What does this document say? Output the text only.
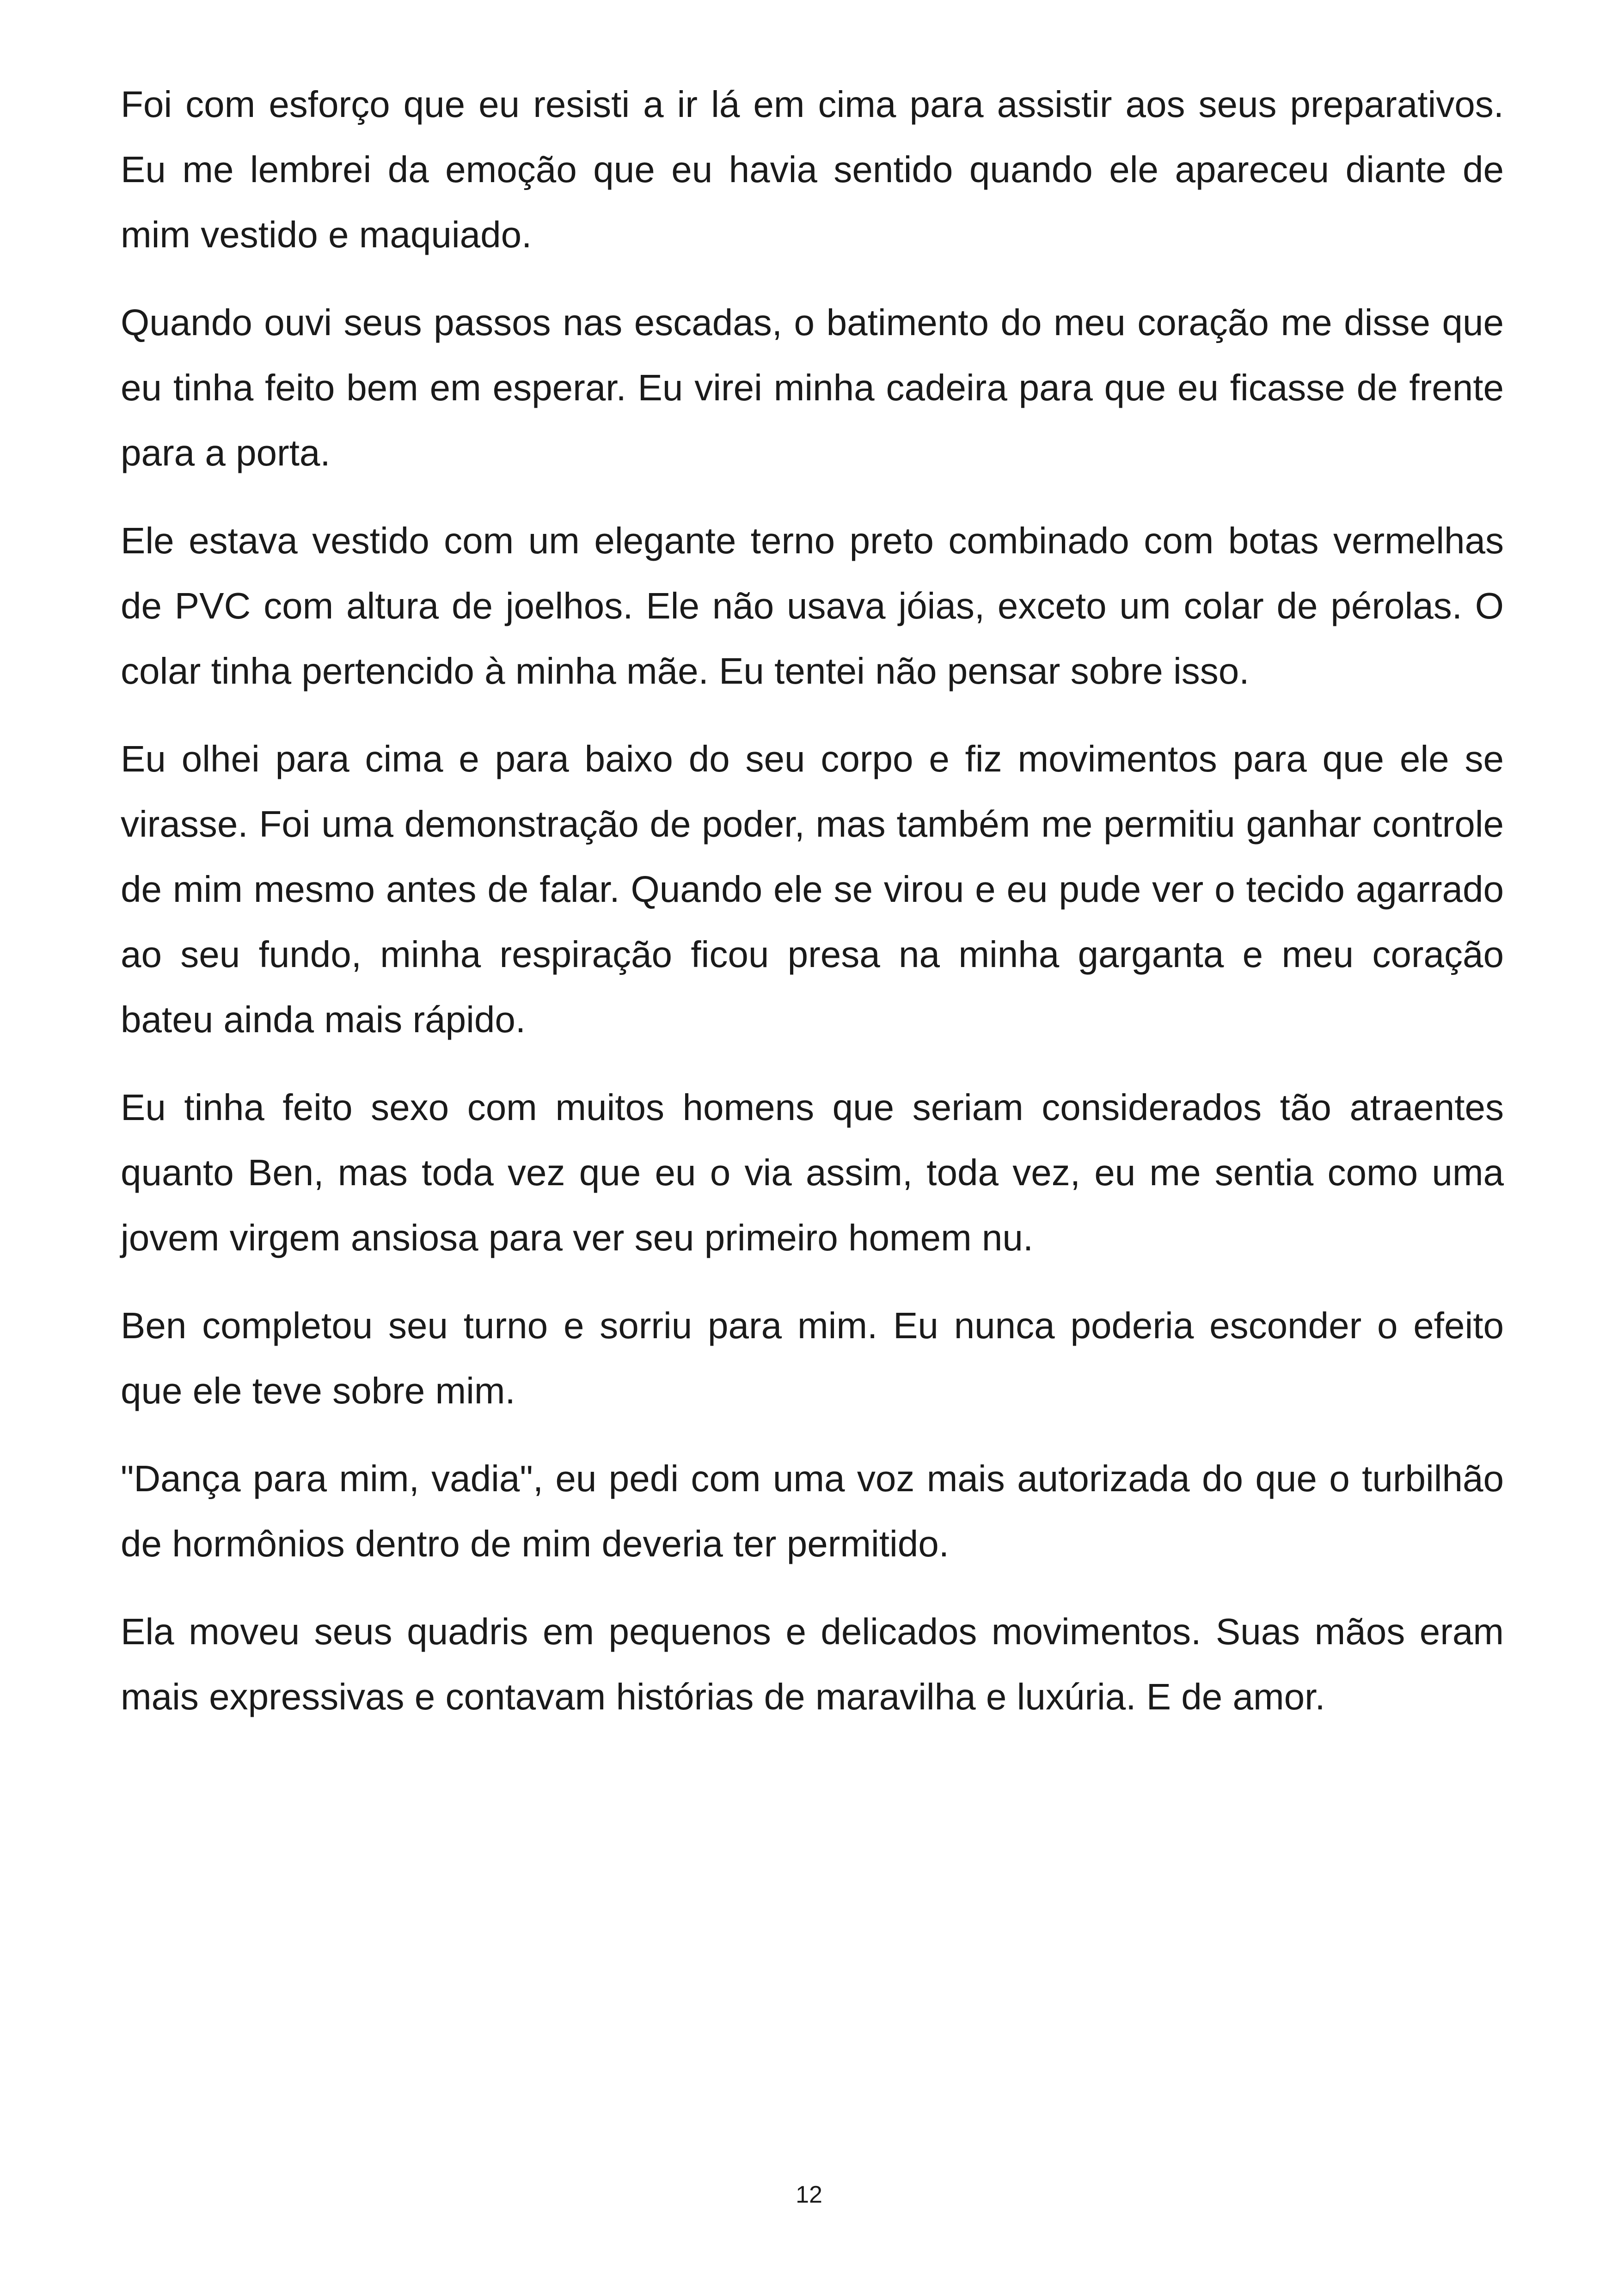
Foi com esforço que eu resisti a ir lá em cima para assistir aos seus preparativos. Eu me lembrei da emoção que eu havia sentido quando ele apareceu diante de mim vestido e maquiado.

Quando ouvi seus passos nas escadas, o batimento do meu coração me disse que eu tinha feito bem em esperar. Eu virei minha cadeira para que eu ficasse de frente para a porta.

Ele estava vestido com um elegante terno preto combinado com botas vermelhas de PVC com altura de joelhos. Ele não usava jóias, exceto um colar de pérolas. O colar tinha pertencido à minha mãe. Eu tentei não pensar sobre isso.

Eu olhei para cima e para baixo do seu corpo e fiz movimentos para que ele se virasse. Foi uma demonstração de poder, mas também me permitiu ganhar controle de mim mesmo antes de falar. Quando ele se virou e eu pude ver o tecido agarrado ao seu fundo, minha respiração ficou presa na minha garganta e meu coração bateu ainda mais rápido.

Eu tinha feito sexo com muitos homens que seriam considerados tão atraentes quanto Ben, mas toda vez que eu o via assim, toda vez, eu me sentia como uma jovem virgem ansiosa para ver seu primeiro homem nu.

Ben completou seu turno e sorriu para mim. Eu nunca poderia esconder o efeito que ele teve sobre mim.

"Dança para mim, vadia", eu pedi com uma voz mais autorizada do que o turbilhão de hormônios dentro de mim deveria ter permitido.

Ela moveu seus quadris em pequenos e delicados movimentos. Suas mãos eram mais expressivas e contavam histórias de maravilha e luxúria. E de amor.

12
